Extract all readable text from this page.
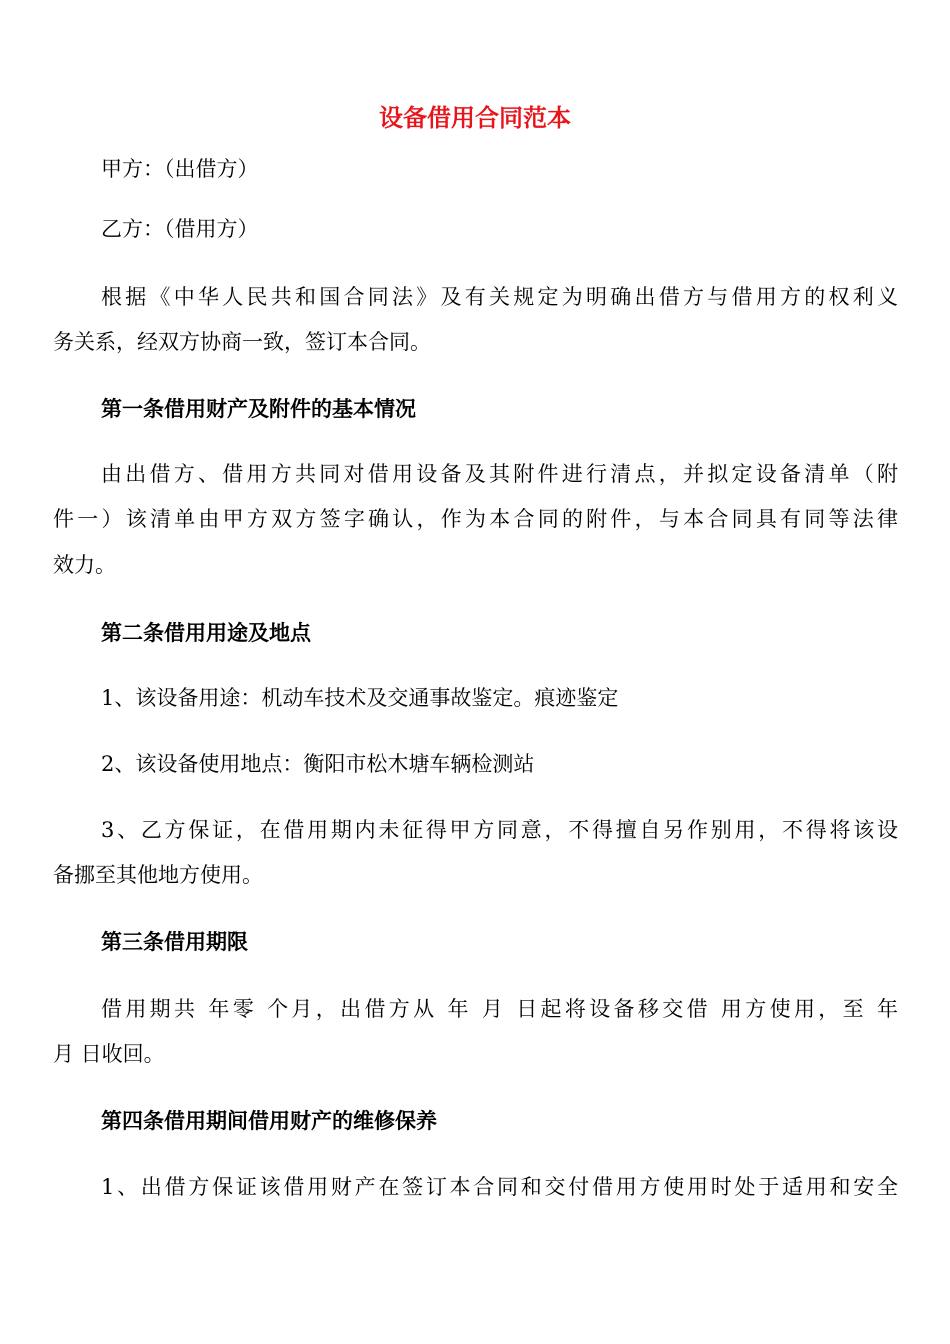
设备借用合同范本
甲方：（出借方）
乙方：（借用方）
根据《中华人民共和国合同法》及有关规定为明确出借方与借用方的权利义
务关系，经双方协商一致，签订本合同。
第一条借用财产及附件的基本情况
由出借方、借用方共同对借用设备及其附件进行清点，并拟定设备清单（附
件一）该清单由甲方双方签字确认，作为本合同的附件，与本合同具有同等法律
效力。
第二条借用用途及地点
1、该设备用途：机动车技术及交通事故鉴定。痕迹鉴定
2、该设备使用地点：衡阳市松木塘车辆检测站
3、乙方保证，在借用期内未征得甲方同意，不得擅自另作别用，不得将该设
备挪至其他地方使用。
第三条借用期限
借用期共 年零 个月，出借方从 年 月 日起将设备移交借 用方使用，至 年
月 日收回。
第四条借用期间借用财产的维修保养
1、出借方保证该借用财产在签订本合同和交付借用方使用时处于适用和安全
